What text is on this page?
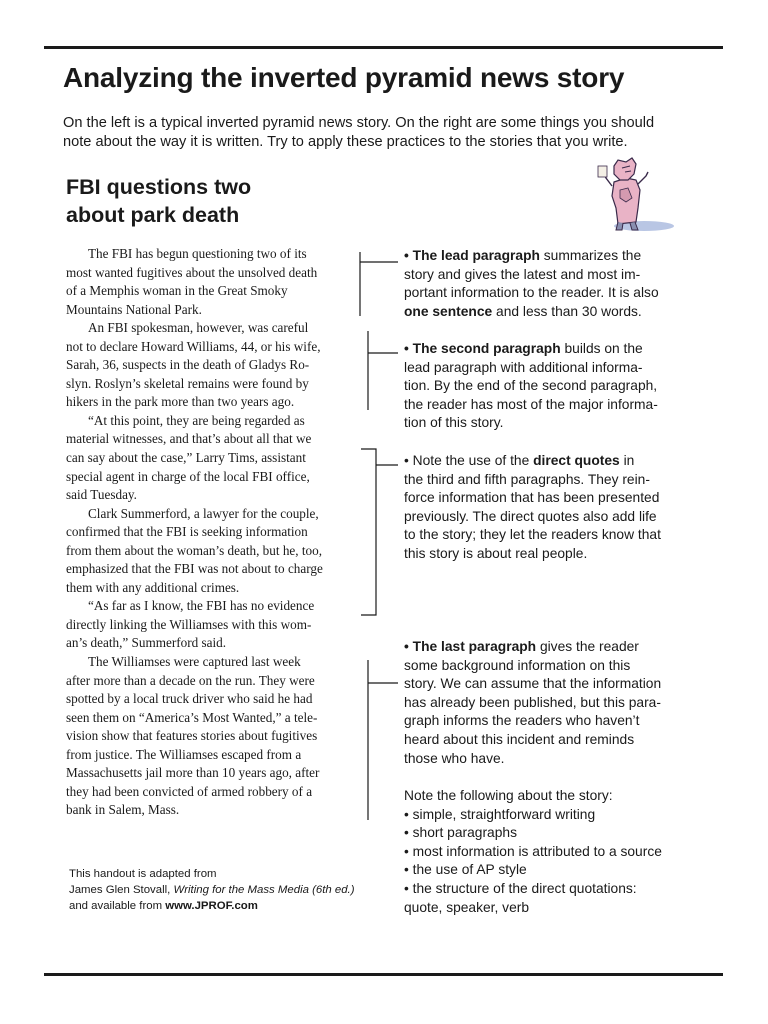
Analyzing the inverted pyramid news story

On the left is a typical inverted pyramid news story. On the right are some things you should
note about the way it is written. Try to apply these practices to the stories that you write.

FBI questions two
about park death
The FBI has begun questioning two of its
most wanted fugitives about the unsolved death
of a Memphis woman in the Great Smoky
Mountains National Park.
An FBI spokesman, however, was careful
not to declare Howard Williams, 44, or his wife,
Sarah, 36, suspects in the death of Gladys Ro-
slyn. Roslyn’s skeletal remains were found by
hikers in the park more than two years ago.
“At this point, they are being regarded as
material witnesses, and that’s about all that we
can say about the case,” Larry Tims, assistant
special agent in charge of the local FBI office,
said Tuesday.
Clark Summerford, a lawyer for the couple,
confirmed that the FBI is seeking information
from them about the woman’s death, but he, too,
emphasized that the FBI was not about to charge
them with any additional crimes.
“As far as I know, the FBI has no evidence
directly linking the Williamses with this wom-
an’s death,” Summerford said.
The Williamses were captured last week
after more than a decade on the run. They were
spotted by a local truck driver who said he had
seen them on “America’s Most Wanted,” a tele-
vision show that features stories about fugitives
from justice. The Williamses escaped from a
Massachusetts jail more than 10 years ago, after
they had been convicted of armed robbery of a
bank in Salem, Mass.
• The lead paragraph summarizes the
story and gives the latest and most im-
portant information to the reader. It is also
one sentence and less than 30 words.
• The second paragraph builds on the
lead paragraph with additional informa-
tion. By the end of the second paragraph,
the reader has most of the major informa-
tion of this story.
• Note the use of the direct quotes in
the third and fifth paragraphs. They rein-
force information that has been presented
previously. The direct quotes also add life
to the story; they let the readers know that
this story is about real people.
• The last paragraph gives the reader
some background information on this
story. We can assume that the information
has already been published, but this para-
graph informs the readers who haven’t
heard about this incident and reminds
those who have.
Note the following about the story:
• simple, straightforward writing
• short paragraphs
• most information is attributed to a source
• the use of AP style
• the structure of the direct quotations:
quote, speaker, verb
This handout is adapted from
James Glen Stovall, Writing for the Mass Media (6th ed.)
and available from www.JPROF.com
